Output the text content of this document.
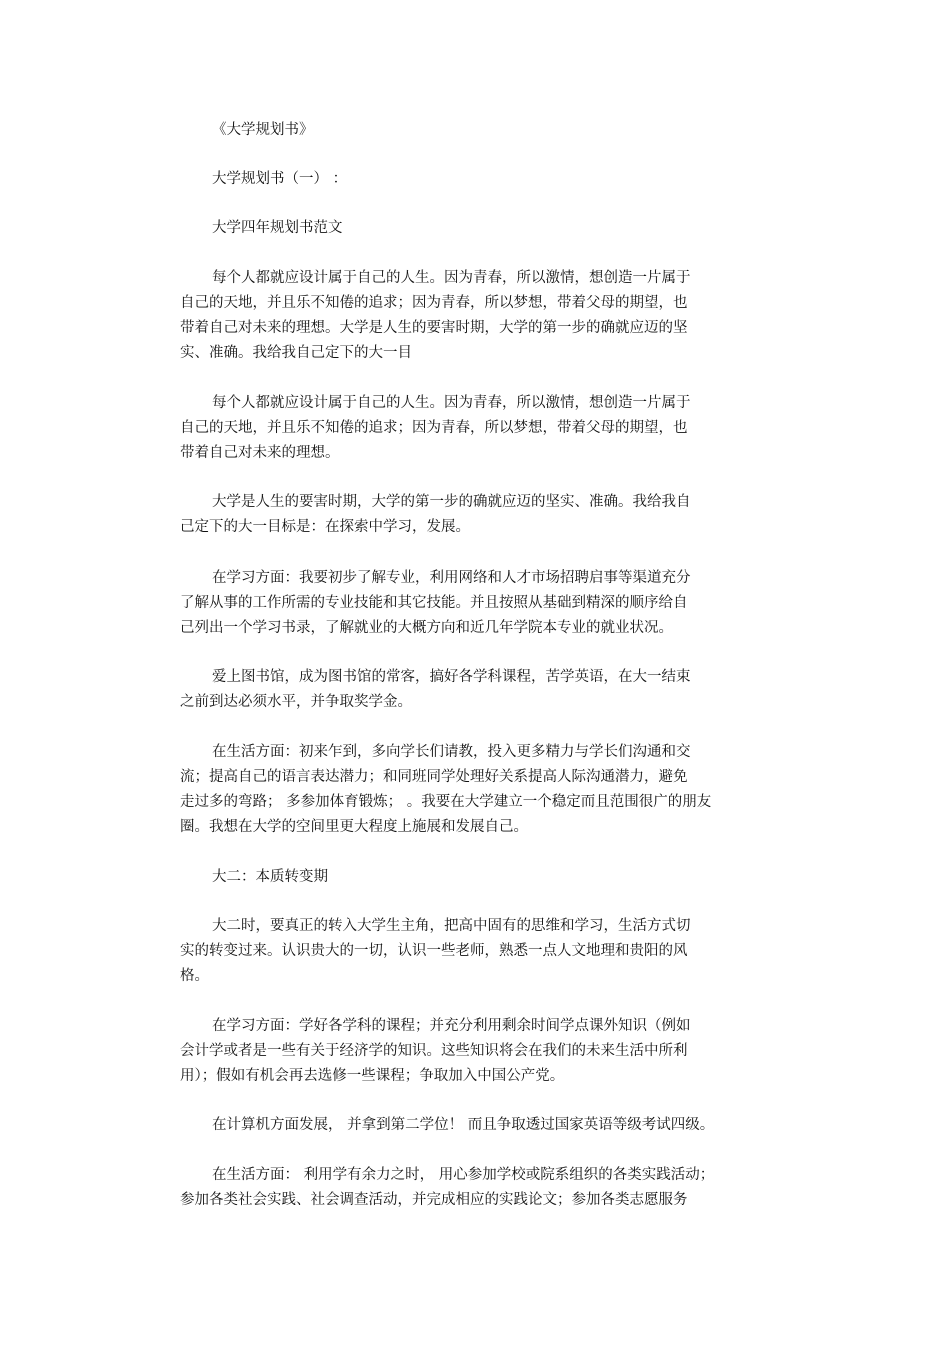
《大学规划书》
大学规划书（一） ：
大学四年规划书范文
每个人都就应设计属于自己的人生。因为青春，所以激情，想创造一片属于
自己的天地，并且乐不知倦的追求；因为青春，所以梦想，带着父母的期望，也
带着自己对未来的理想。大学是人生的要害时期，大学的第一步的确就应迈的坚
实、准确。我给我自己定下的大一目
每个人都就应设计属于自己的人生。因为青春，所以激情，想创造一片属于
自己的天地，并且乐不知倦的追求；因为青春，所以梦想，带着父母的期望，也
带着自己对未来的理想。
大学是人生的要害时期，大学的第一步的确就应迈的坚实、准确。我给我自
己定下的大一目标是：在探索中学习，发展。
在学习方面：我要初步了解专业，利用网络和人才市场招聘启事等渠道充分
了解从事的工作所需的专业技能和其它技能。并且按照从基础到精深的顺序给自
己列出一个学习书录，了解就业的大概方向和近几年学院本专业的就业状况。
爱上图书馆，成为图书馆的常客，搞好各学科课程，苦学英语，在大一结束
之前到达必须水平，并争取奖学金。
在生活方面：初来乍到，多向学长们请教，投入更多精力与学长们沟通和交
流；提高自己的语言表达潜力；和同班同学处理好关系提高人际沟通潜力，避免
走过多的弯路； 多参加体育锻炼； 。我要在大学建立一个稳定而且范围很广的朋友
圈。我想在大学的空间里更大程度上施展和发展自己。
大二：本质转变期
大二时，要真正的转入大学生主角，把高中固有的思维和学习，生活方式切
实的转变过来。认识贵大的一切，认识一些老师，熟悉一点人文地理和贵阳的风
格。
在学习方面：学好各学科的课程；并充分利用剩余时间学点课外知识（例如
会计学或者是一些有关于经济学的知识。这些知识将会在我们的未来生活中所利
用）；假如有机会再去选修一些课程；争取加入中国公产党。
在计算机方面发展， 并拿到第二学位！ 而且争取透过国家英语等级考试四级。
在生活方面： 利用学有余力之时， 用心参加学校或院系组织的各类实践活动；
参加各类社会实践、社会调查活动，并完成相应的实践论文；参加各类志愿服务
